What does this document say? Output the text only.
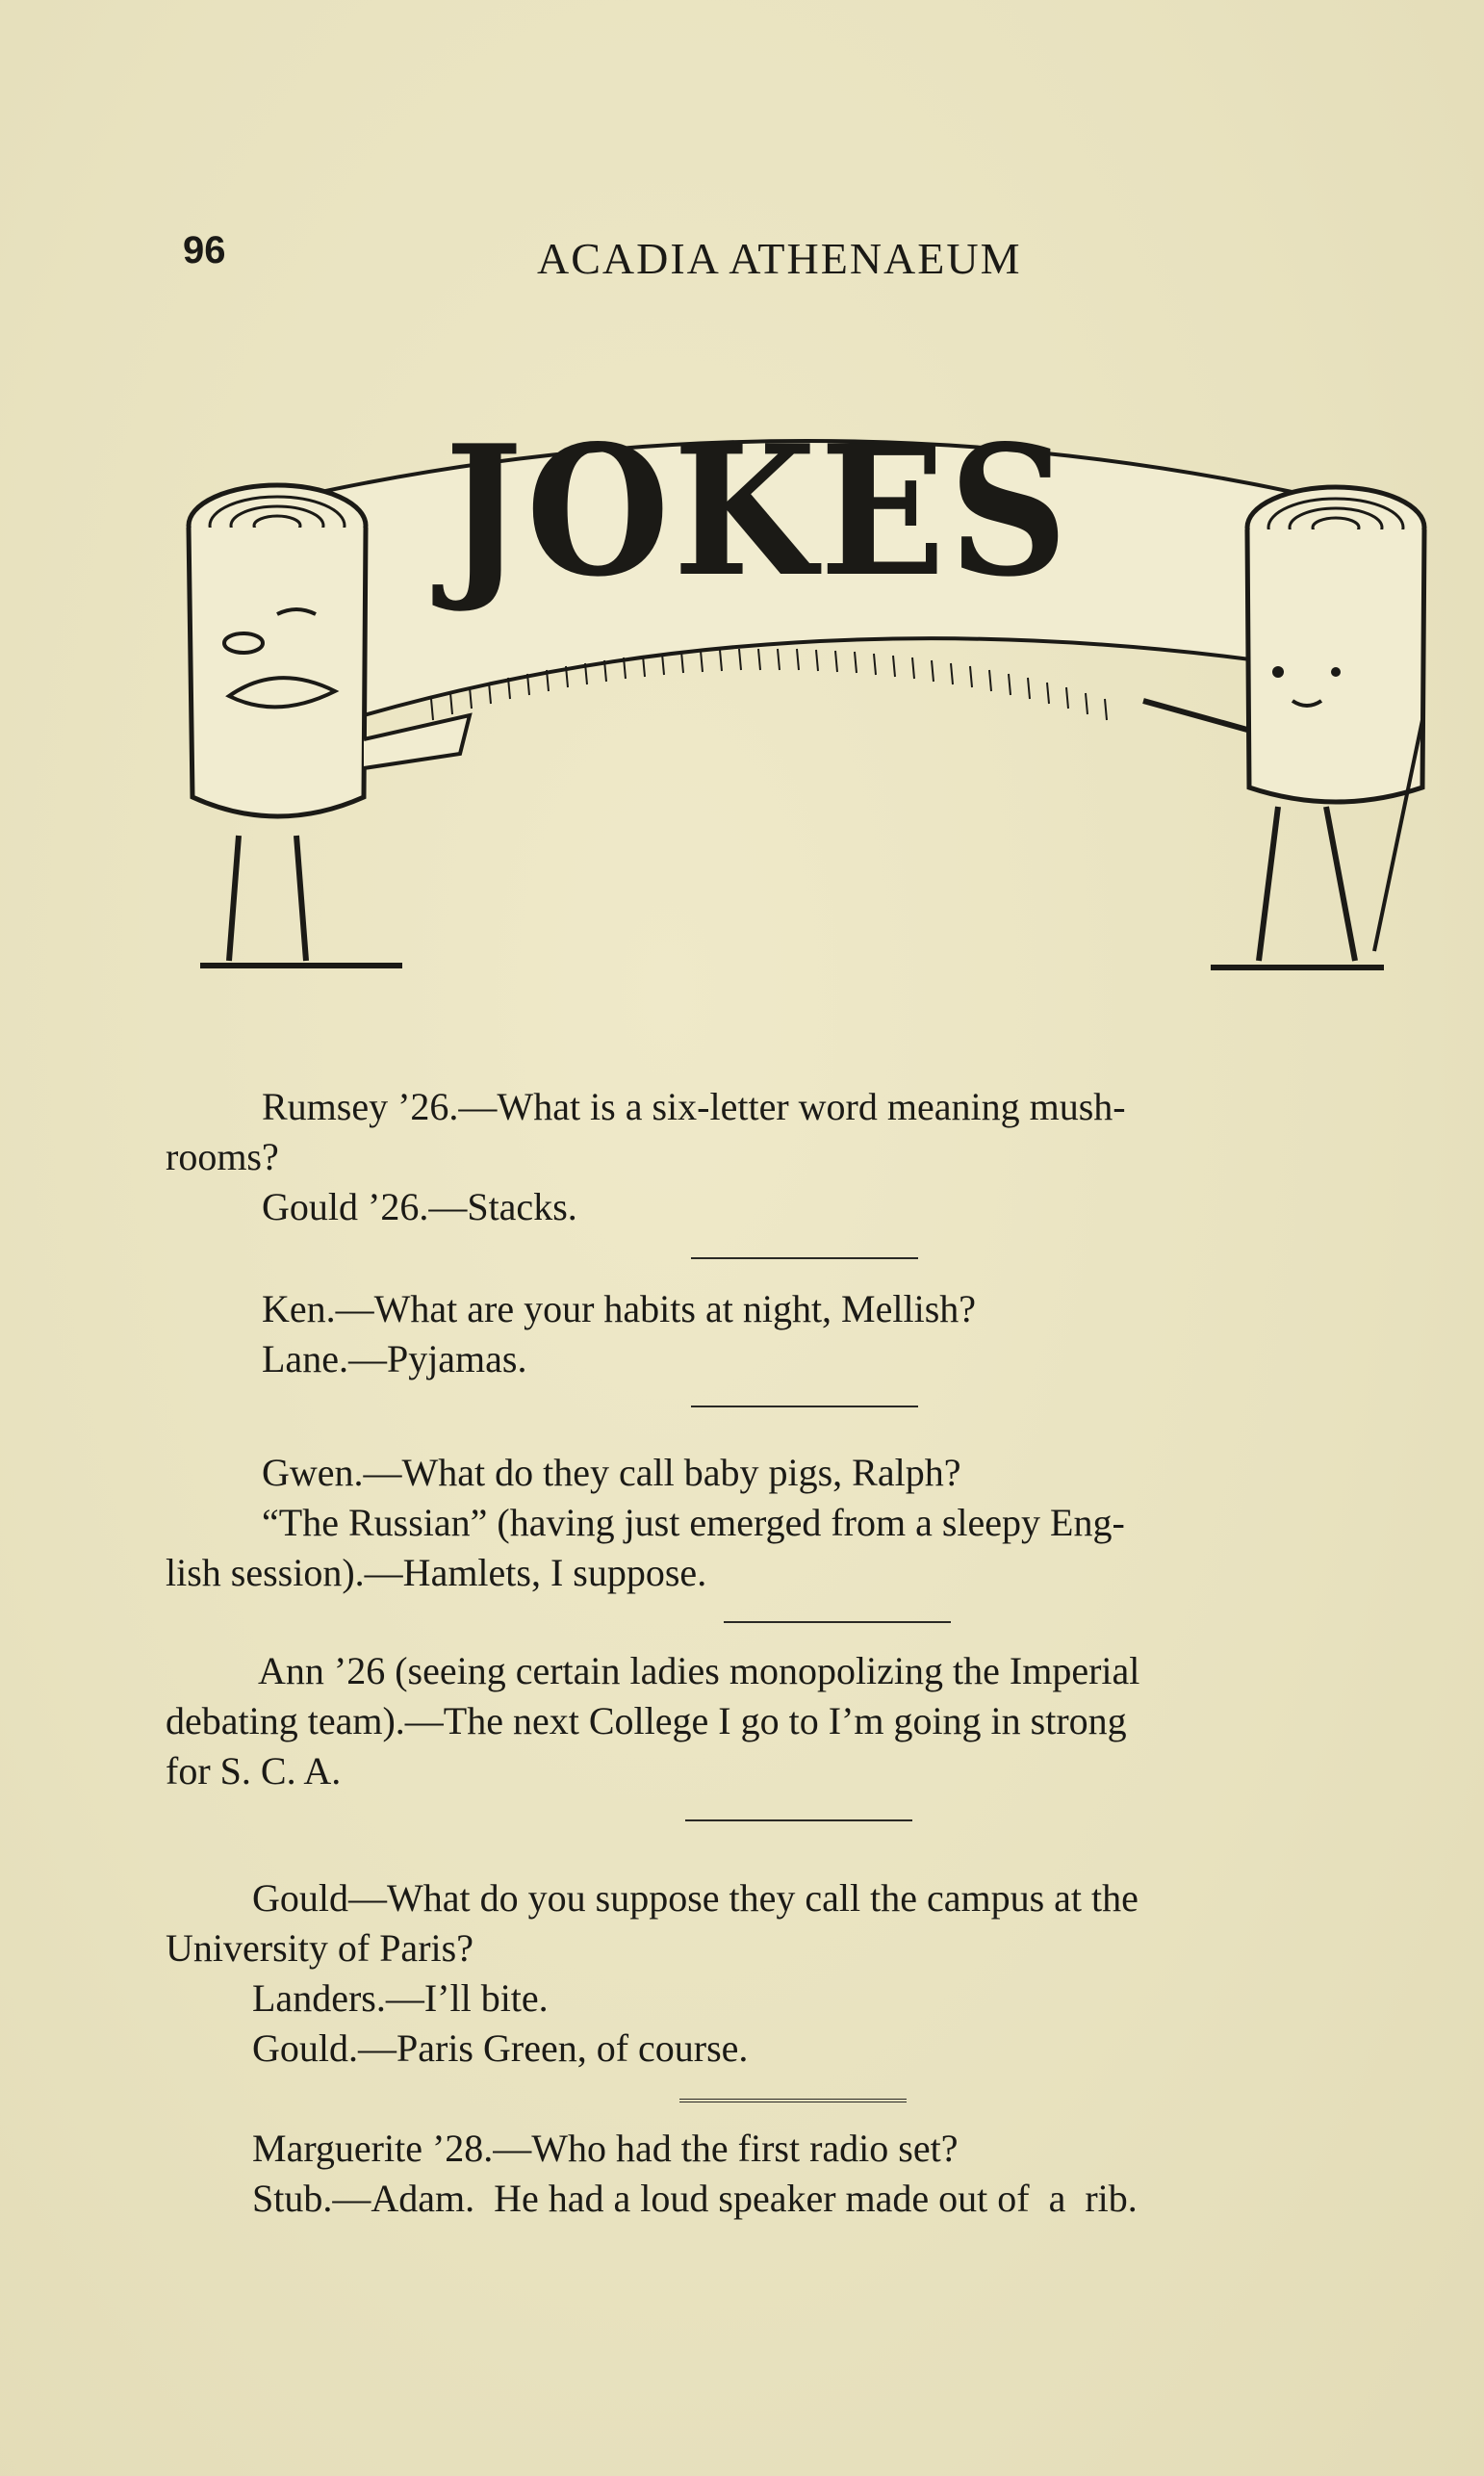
96	ACADIA ATHENAEUM
JOKES
Rumsey ’26.—What is a six-letter word meaning mush-
rooms?
Gould ’26.—Stacks.
Ken.—What are your habits at night, Mellish?
Lane.—Pyjamas.
Gwen.—What do they call baby pigs, Ralph?
“The Russian” (having just emerged from a sleepy Eng-
lish session).—Hamlets, I suppose.
Ann ’26 (seeing certain ladies monopolizing the Imperial
debating team).—The next College I go to I’m going in strong
for S. C. A.
Gould—What do you suppose they call the campus at the
University of Paris?
Landers.—I’ll bite.
Gould.—Paris Green, of course.
Marguerite ’28.—Who had the first radio set?
Stub.—Adam.  He had a loud speaker made out of  a  rib.
